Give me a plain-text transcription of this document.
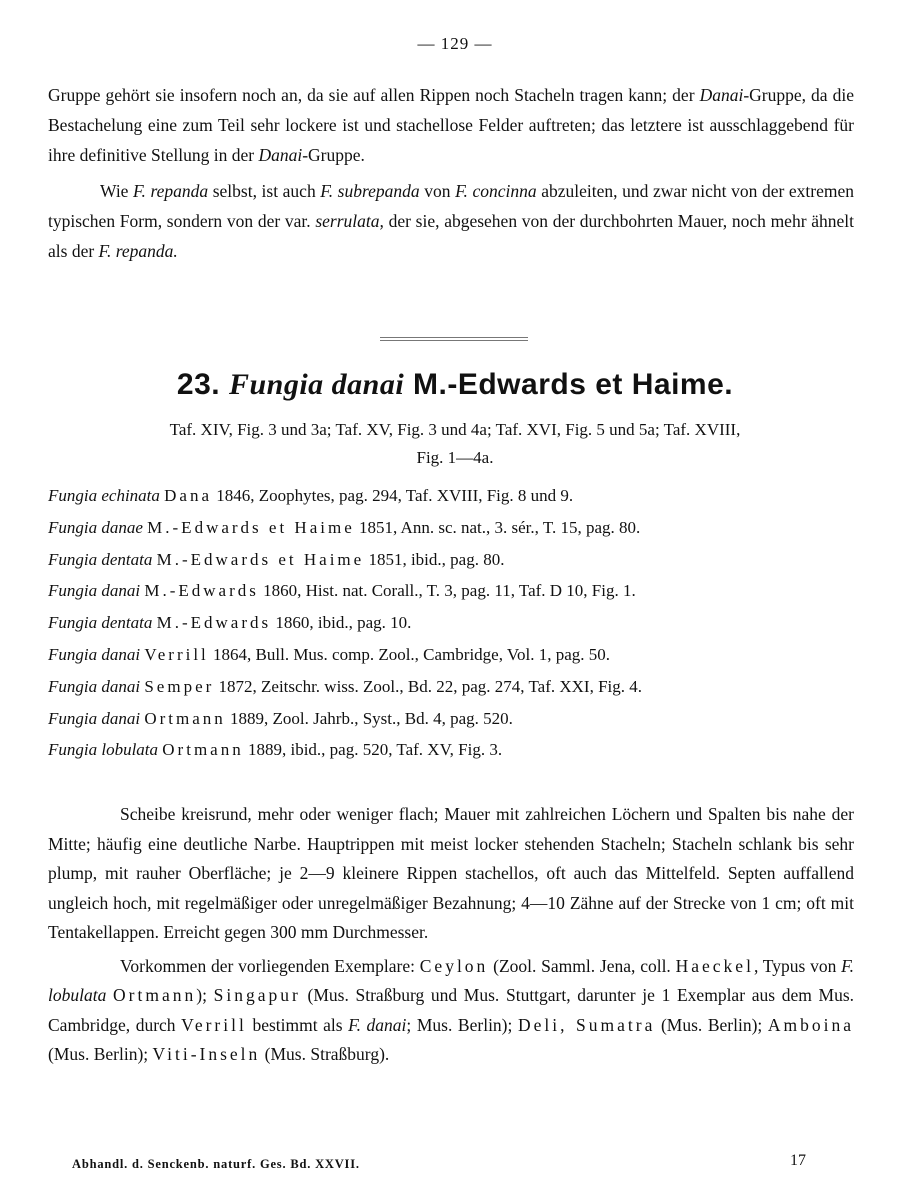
— 129 —

Gruppe gehört sie insofern noch an, da sie auf allen Rippen noch Stacheln tragen kann; der Danai-Gruppe, da die Bestachelung eine zum Teil sehr lockere ist und stachellose Felder auftreten; das letztere ist ausschlaggebend für ihre definitive Stellung in der Danai-Gruppe.

Wie F. repanda selbst, ist auch F. subrepanda von F. concinna abzuleiten, und zwar nicht von der extremen typischen Form, sondern von der var. serrulata, der sie, abgesehen von der durchbohrten Mauer, noch mehr ähnelt als der F. repanda.

23. Fungia danai M.-Edwards et Haime.
Taf. XIV, Fig. 3 und 3a; Taf. XV, Fig. 3 und 4a; Taf. XVI, Fig. 5 und 5a; Taf. XVIII,
Fig. 1—4a.
Fungia echinata Dana 1846, Zoophytes, pag. 294, Taf. XVIII, Fig. 8 und 9.
Fungia danae M.-Edwards et Haime 1851, Ann. sc. nat., 3. sér., T. 15, pag. 80.
Fungia dentata M.-Edwards et Haime 1851, ibid., pag. 80.
Fungia danai M.-Edwards 1860, Hist. nat. Corall., T. 3, pag. 11, Taf. D 10, Fig. 1.
Fungia dentata M.-Edwards 1860, ibid., pag. 10.
Fungia danai Verrill 1864, Bull. Mus. comp. Zool., Cambridge, Vol. 1, pag. 50.
Fungia danai Semper 1872, Zeitschr. wiss. Zool., Bd. 22, pag. 274, Taf. XXI, Fig. 4.
Fungia danai Ortmann 1889, Zool. Jahrb., Syst., Bd. 4, pag. 520.
Fungia lobulata Ortmann 1889, ibid., pag. 520, Taf. XV, Fig. 3.

Scheibe kreisrund, mehr oder weniger flach; Mauer mit zahlreichen Löchern und Spalten bis nahe der Mitte; häufig eine deutliche Narbe. Hauptrippen mit meist locker stehenden Stacheln; Stacheln schlank bis sehr plump, mit rauher Oberfläche; je 2—9 kleinere Rippen stachellos, oft auch das Mittelfeld. Septen auffallend ungleich hoch, mit regelmäßiger oder unregelmäßiger Bezahnung; 4—10 Zähne auf der Strecke von 1 cm; oft mit Tentakellappen. Erreicht gegen 300 mm Durchmesser.

Vorkommen der vorliegenden Exemplare: Ceylon (Zool. Samml. Jena, coll. Haeckel, Typus von F. lobulata Ortmann); Singapur (Mus. Straßburg und Mus. Stuttgart, darunter je 1 Exemplar aus dem Mus. Cambridge, durch Verrill bestimmt als F. danai; Mus. Berlin); Deli, Sumatra (Mus. Berlin); Amboina (Mus. Berlin); Viti-Inseln (Mus. Straßburg).

Abhandl. d. Senckenb. naturf. Ges. Bd. XXVII.	17
